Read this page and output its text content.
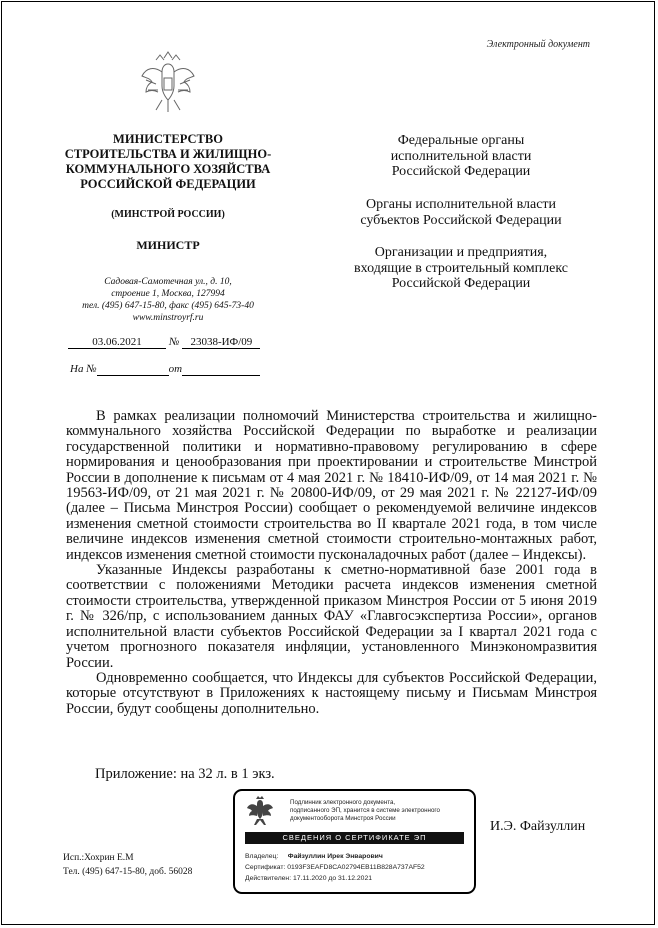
Электронный документ
МИНИСТЕРСТВО
СТРОИТЕЛЬСТВА И ЖИЛИЩНО-
КОММУНАЛЬНОГО ХОЗЯЙСТВА
РОССИЙСКОЙ ФЕДЕРАЦИИ
(МИНСТРОЙ РОССИИ)
МИНИСТР
Садовая-Самотечная ул., д. 10,
строение 1, Москва, 127994
тел. (495) 647-15-80, факс (495) 645-73-40
www.minstroyrf.ru
03.06.2021 № 23038-ИФ/09
На №	от
Федеральные органы
исполнительной власти
Российской Федерации
Органы исполнительной власти
субъектов Российской Федерации
Организации и предприятия,
входящие в строительный комплекс
Российской Федерации

В рамках реализации полномочий Министерства строительства и жилищно-коммунального хозяйства Российской Федерации по выработке и реализации государственной политики и нормативно-правовому регулированию в сфере нормирования и ценообразования при проектировании и строительстве Минстрой России в дополнение к письмам от 4 мая 2021 г. № 18410-ИФ/09, от 14 мая 2021 г. № 19563-ИФ/09, от 21 мая 2021 г. № 20800-ИФ/09, от 29 мая 2021 г. № 22127-ИФ/09 (далее – Письма Минстроя России) сообщает о рекомендуемой величине индексов изменения сметной стоимости строительства во II квартале 2021 года, в том числе величине индексов изменения сметной стоимости строительно-монтажных работ, индексов изменения сметной стоимости пусконаладочных работ (далее – Индексы).

Указанные Индексы разработаны к сметно-нормативной базе 2001 года в соответствии с положениями Методики расчета индексов изменения сметной стоимости строительства, утвержденной приказом Минстроя России от 5 июня 2019 г. № 326/пр, с использованием данных ФАУ «Главгосэкспертиза России», органов исполнительной власти субъектов Российской Федерации за I квартал 2021 года с учетом прогнозного показателя инфляции, установленного Минэкономразвития России.

Одновременно сообщается, что Индексы для субъектов Российской Федерации, которые отсутствуют в Приложениях к настоящему письму и Письмам Минстроя России, будут сообщены дополнительно.

Приложение: на 32 л. в 1 экз.
Подлинник электронного документа,
подписанного ЭП, хранится в системе электронного
документооборота Минстроя России
СВЕДЕНИЯ О СЕРТИФИКАТЕ ЭП
Владелец: Файзуллин Ирек Энварович
Сертификат: 0193F3EAFD8CA02794EB11B828A737AF52
Действителен: 17.11.2020 до 31.12.2021
И.Э. Файзуллин
Исп.:Хохрин Е.М
Тел. (495) 647-15-80, доб. 56028
